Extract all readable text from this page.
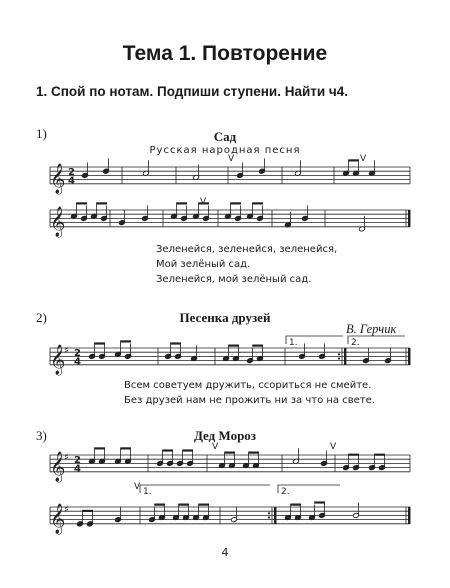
Тема 1. Повторение
1. Спой по нотам. Подпиши ступени. Найти ч4.
1)	Сад
Русская народная песня
Зеленейся, зеленейся, зеленейся,
Мой зелёный сад.
Зеленейся, мой зелёный сад.
2)	Песенка друзей
В. Герчик
Всем советуем дружить, ссориться не смейте.
Без друзей нам не прожить ни за что на свете.
3)	Дед Мороз
4
𝄞 2
4
V	V
𝄞
V
𝄞
♯ 2
4
1.	2.
𝄞
♯ 2
4
V	V
𝄞
♯
V 1.	2.
